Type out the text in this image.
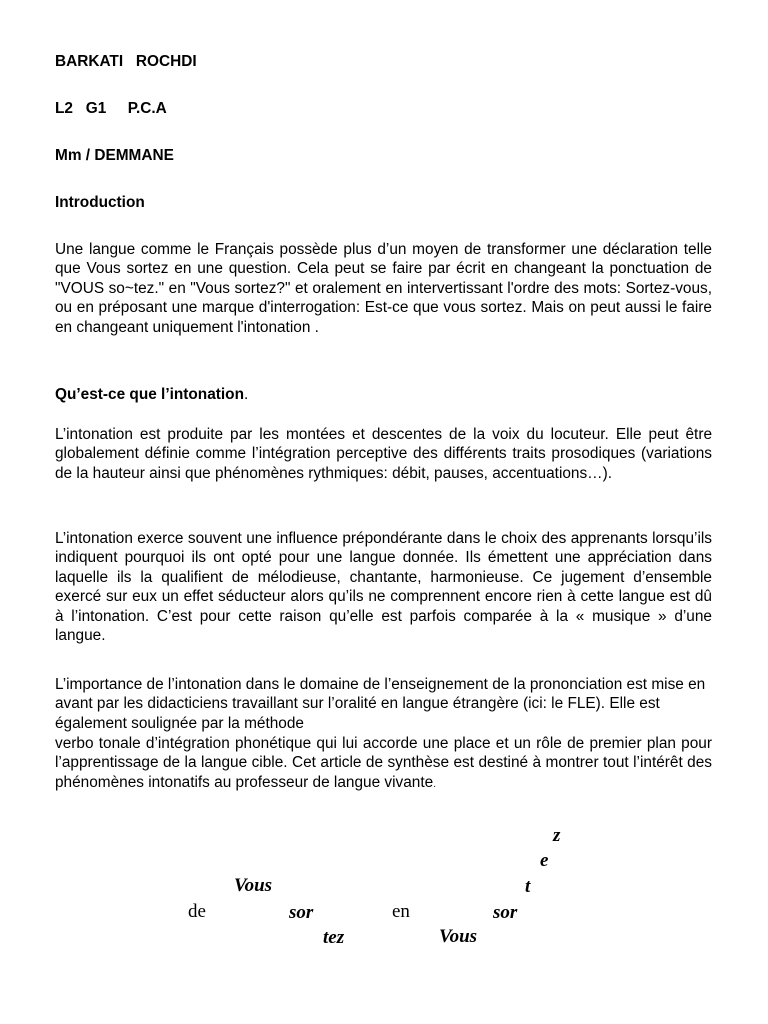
BARKATI   ROCHDI
L2   G1     P.C.A
Mm / DEMMANE
Introduction

Une langue comme le Français possède plus d’un moyen de transformer une déclaration telle que Vous sortez en une question. Cela peut se faire par écrit en changeant la ponctuation de "VOUS so~tez." en "Vous sortez?" et oralement en intervertissant l'ordre des mots: Sortez-vous, ou en préposant une marque d'interrogation: Est-ce que vous sortez. Mais on peut aussi le faire en changeant uniquement l'intonation .

Qu’est-ce que l’intonation.

L’intonation est produite par les montées et descentes de la voix du locuteur. Elle peut être globalement définie comme l’intégration perceptive des différents traits prosodiques (variations de la hauteur ainsi que phénomènes rythmiques: débit, pauses, accentuations…).

L’intonation exerce souvent une influence prépondérante dans le choix des apprenants lorsqu’ils indiquent pourquoi ils ont opté pour une langue donnée. Ils émettent une appréciation dans laquelle ils la qualifient de mélodieuse, chantante, harmonieuse. Ce jugement d’ensemble exercé sur eux un effet séducteur alors qu’ils ne comprennent encore rien à cette langue est dû à l’intonation. C’est pour cette raison qu’elle est parfois comparée à la « musique » d’une langue.

L’importance de l’intonation dans le domaine de l’enseignement de la prononciation est mise en avant par les didacticiens travaillant sur l’oralité en langue étrangère (ici: le FLE). Elle est également soulignée par la méthode

verbo tonale d’intégration phonétique qui lui accorde une place et un rôle de premier plan pour l’apprentissage de la langue cible. Cet article de synthèse est destiné à montrer tout l’intérêt des phénomènes intonatifs au professeur de langue vivante.

z
e
Vous	t
de	sor	en	sor
tez	Vous
